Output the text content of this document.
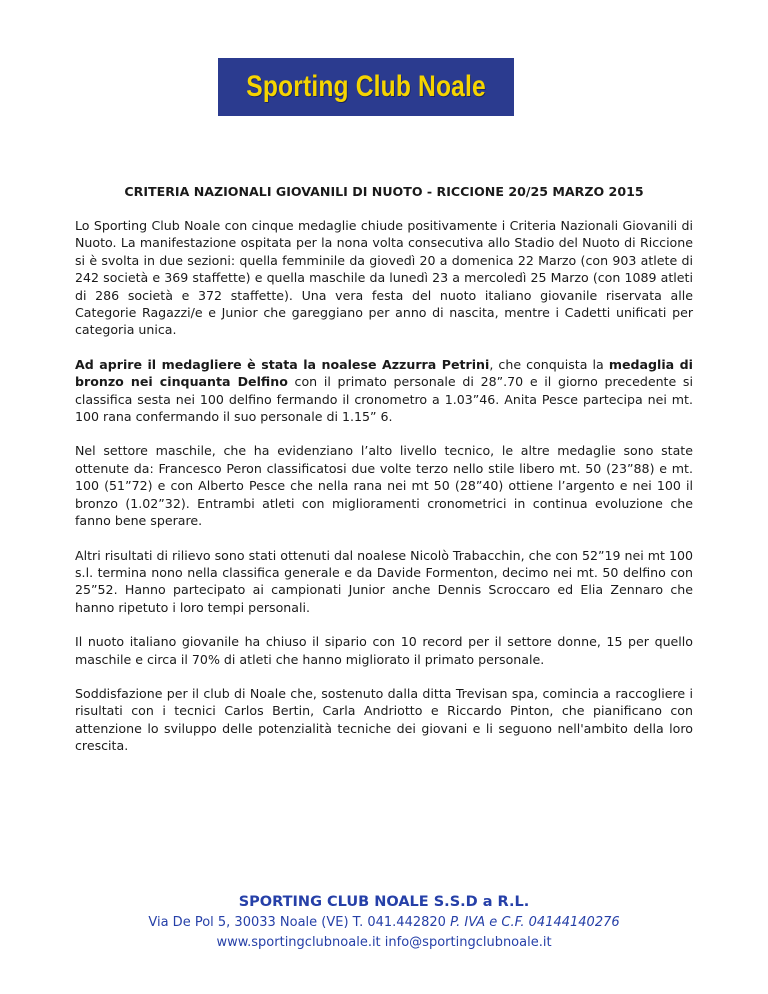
Sporting Club Noale
CRITERIA NAZIONALI GIOVANILI DI NUOTO - RICCIONE 20/25 MARZO 2015

Lo Sporting Club Noale con cinque medaglie chiude positivamente i Criteria Nazionali Giovanili di Nuoto. La manifestazione ospitata per la nona volta consecutiva allo Stadio del Nuoto di Riccione si è svolta in due sezioni: quella femminile da giovedì 20 a domenica 22 Marzo (con 903 atlete di 242 società e 369 staffette) e quella maschile da lunedì 23 a mercoledì 25 Marzo (con 1089 atleti di 286 società e 372 staffette). Una vera festa del nuoto italiano giovanile riservata alle Categorie Ragazzi/e e Junior che gareggiano per anno di nascita, mentre i Cadetti unificati per categoria unica.

Ad aprire il medagliere è stata la noalese Azzurra Petrini, che conquista la medaglia di bronzo nei cinquanta Delfino con il primato personale di 28”.70 e il giorno precedente si classifica sesta nei 100 delfino fermando il cronometro a 1.03”46. Anita Pesce partecipa nei mt. 100 rana confermando il suo personale di 1.15” 6.

Nel settore maschile, che ha evidenziano l’alto livello tecnico, le altre medaglie sono state ottenute da: Francesco Peron classificatosi due volte terzo nello stile libero mt. 50 (23”88) e mt. 100 (51”72) e con Alberto Pesce che nella rana nei mt 50 (28”40) ottiene l’argento e nei 100 il bronzo (1.02”32). Entrambi atleti con miglioramenti cronometrici in continua evoluzione che fanno bene sperare.

Altri risultati di rilievo sono stati ottenuti dal noalese Nicolò Trabacchin, che con 52”19 nei mt 100 s.l. termina nono nella classifica generale e da Davide Formenton, decimo nei mt. 50 delfino con 25”52. Hanno partecipato ai campionati Junior anche Dennis Scroccaro ed Elia Zennaro che hanno ripetuto i loro tempi personali.

Il nuoto italiano giovanile ha chiuso il sipario con 10 record per il settore donne, 15 per quello maschile e circa il 70% di atleti che hanno migliorato il primato personale.

Soddisfazione per il club di Noale che, sostenuto dalla ditta Trevisan spa, comincia a raccogliere i risultati con i tecnici Carlos Bertin, Carla Andriotto e Riccardo Pinton, che pianificano con attenzione lo sviluppo delle potenzialità tecniche dei giovani e li seguono nell'ambito della loro crescita.

SPORTING CLUB NOALE S.S.D a R.L.
Via De Pol 5, 30033 Noale (VE) T. 041.442820 P. IVA e C.F. 04144140276
www.sportingclubnoale.it info@sportingclubnoale.it
